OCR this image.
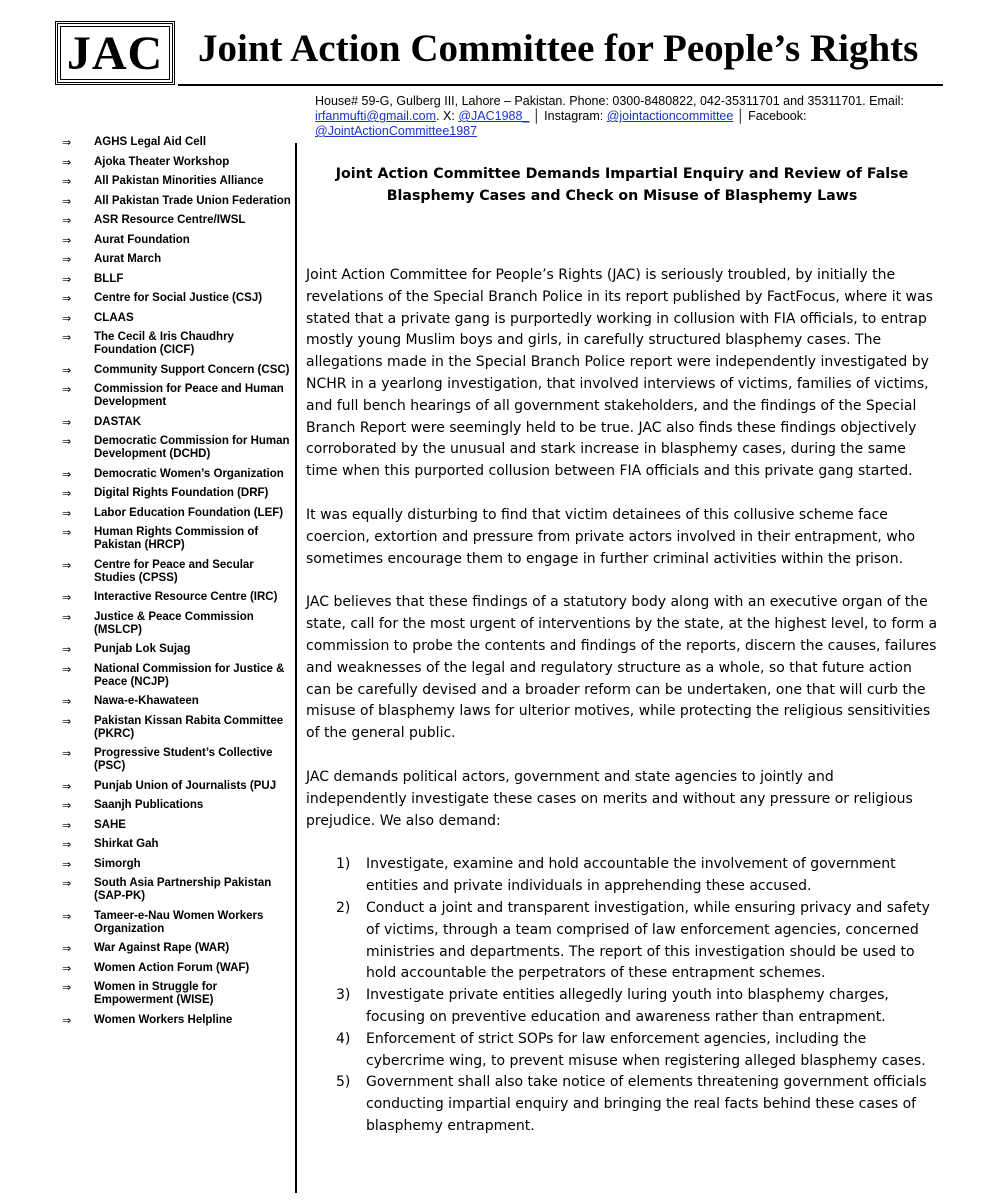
JAC Joint Action Committee for People’s Rights
House# 59-G, Gulberg III, Lahore – Pakistan. Phone: 0300-8480822, 042-35311701 and 35311701. Email: irfanmufti@gmail.com. X: @JAC1988_ │ Instagram: @jointactioncommittee │ Facebook: @JointActionCommittee1987
⇒	AGHS Legal Aid Cell
⇒	Ajoka Theater Workshop
⇒	All Pakistan Minorities Alliance
⇒	All Pakistan Trade Union Federation
⇒	ASR Resource Centre/IWSL
⇒	Aurat Foundation
⇒	Aurat March
⇒	BLLF
⇒	Centre for Social Justice (CSJ)
⇒	CLAAS
⇒	The Cecil & Iris Chaudhry Foundation (CICF)
⇒	Community Support Concern (CSC)
⇒	Commission for Peace and Human Development
⇒	DASTAK
⇒	Democratic Commission for Human Development (DCHD)
⇒	Democratic Women’s Organization
⇒	Digital Rights Foundation (DRF)
⇒	Labor Education Foundation (LEF)
⇒	Human Rights Commission of Pakistan (HRCP)
⇒	Centre for Peace and Secular Studies (CPSS)
⇒	Interactive Resource Centre (IRC)
⇒	Justice & Peace Commission (MSLCP)
⇒	Punjab Lok Sujag
⇒	National Commission for Justice & Peace (NCJP)
⇒	Nawa-e-Khawateen
⇒	Pakistan Kissan Rabita Committee (PKRC)
⇒	Progressive Student’s Collective (PSC)
⇒	Punjab Union of Journalists (PUJ
⇒	Saanjh Publications
⇒	SAHE
⇒	Shirkat Gah
⇒	Simorgh
⇒	South Asia Partnership Pakistan (SAP-PK)
⇒	Tameer-e-Nau Women Workers Organization
⇒	War Against Rape (WAR)
⇒	Women Action Forum (WAF)
⇒	Women in Struggle for Empowerment (WISE)
⇒	Women Workers Helpline
Joint Action Committee Demands Impartial Enquiry and Review of False Blasphemy Cases and Check on Misuse of Blasphemy Laws

Joint Action Committee for People’s Rights (JAC) is seriously troubled, by initially the revelations of the Special Branch Police in its report published by FactFocus, where it was stated that a private gang is purportedly working in collusion with FIA officials, to entrap mostly young Muslim boys and girls, in carefully structured blasphemy cases. The allegations made in the Special Branch Police report were independently investigated by NCHR in a yearlong investigation, that involved interviews of victims, families of victims, and full bench hearings of all government stakeholders, and the findings of the Special Branch Report were seemingly held to be true. JAC also finds these findings objectively corroborated by the unusual and stark increase in blasphemy cases, during the same time when this purported collusion between FIA officials and this private gang started.

It was equally disturbing to find that victim detainees of this collusive scheme face coercion, extortion and pressure from private actors involved in their entrapment, who sometimes encourage them to engage in further criminal activities within the prison.

JAC believes that these findings of a statutory body along with an executive organ of the state, call for the most urgent of interventions by the state, at the highest level, to form a commission to probe the contents and findings of the reports, discern the causes, failures and weaknesses of the legal and regulatory structure as a whole, so that future action can be carefully devised and a broader reform can be undertaken, one that will curb the misuse of blasphemy laws for ulterior motives, while protecting the religious sensitivities of the general public.

JAC demands political actors, government and state agencies to jointly and independently investigate these cases on merits and without any pressure or religious prejudice. We also demand:

1)	Investigate, examine and hold accountable the involvement of government entities and private individuals in apprehending these accused.
2)	Conduct a joint and transparent investigation, while ensuring privacy and safety of victims, through a team comprised of law enforcement agencies, concerned ministries and departments. The report of this investigation should be used to hold accountable the perpetrators of these entrapment schemes.
3)	Investigate private entities allegedly luring youth into blasphemy charges, focusing on preventive education and awareness rather than entrapment.
4)	Enforcement of strict SOPs for law enforcement agencies, including the cybercrime wing, to prevent misuse when registering alleged blasphemy cases.
5)	Government shall also take notice of elements threatening government officials conducting impartial enquiry and bringing the real facts behind these cases of blasphemy entrapment.
